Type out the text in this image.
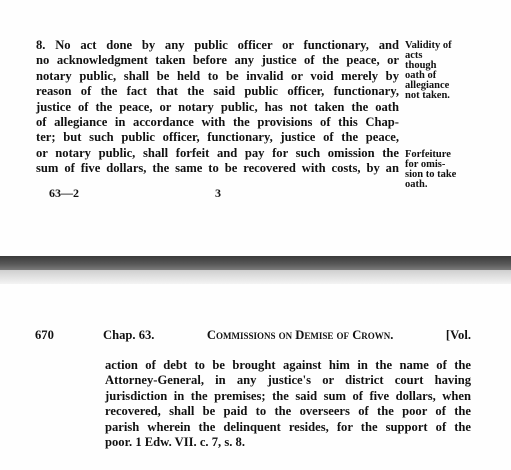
8. No act done by any public officer or functionary, and
no acknowledgment taken before any justice of the peace, or
notary public, shall be held to be invalid or void merely by
reason of the fact that the said public officer, functionary,
justice of the peace, or notary public, has not taken the oath
of allegiance in accordance with the provisions of this Chap-
ter; but such public officer, functionary, justice of the peace,
or notary public, shall forfeit and pay for such omission the
sum of five dollars, the same to be recovered with costs, by an
Validity of
acts
though
oath of
allegiance
not taken.
Forfeiture
for omis-
sion to take
oath.
63—2	3
670	Chap. 63.	Commissions on Demise of Crown.	[Vol.
action of debt to be brought against him in the name of the
Attorney-General, in any justice's or district court having
jurisdiction in the premises; the said sum of five dollars, when
recovered, shall be paid to the overseers of the poor of the
parish wherein the delinquent resides, for the support of the
poor. 1 Edw. VII. c. 7, s. 8.
